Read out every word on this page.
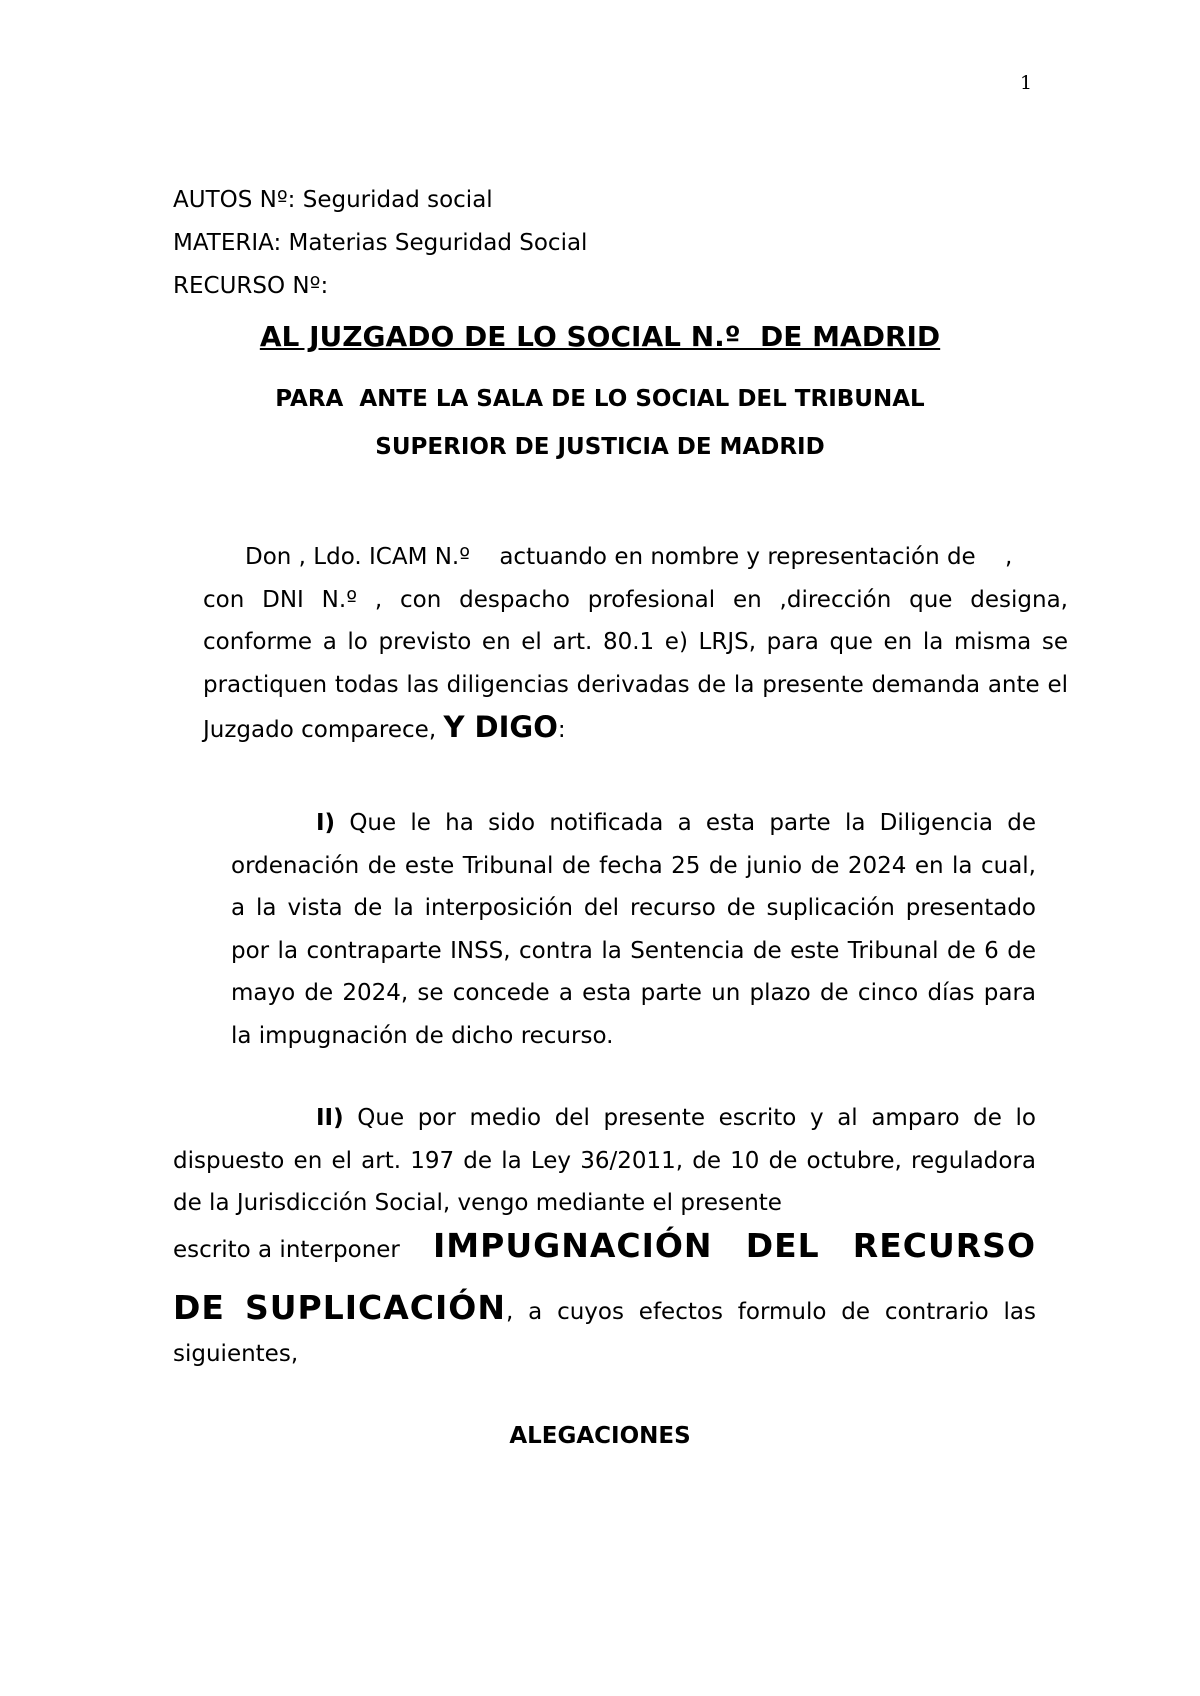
1
AUTOS Nº: Seguridad social
MATERIA: Materias Seguridad Social
RECURSO Nº:
AL JUZGADO DE LO SOCIAL N.º  DE MADRID
PARA  ANTE LA SALA DE LO SOCIAL DEL TRIBUNAL
SUPERIOR DE JUSTICIA DE MADRID
Don , Ldo. ICAM N.º    actuando en nombre y representación de    ,
con DNI N.º , con despacho profesional en ,dirección que designa, conforme a lo previsto en el art. 80.1 e) LRJS, para que en la misma se practiquen todas las diligencias derivadas de la presente demanda ante el Juzgado comparece, Y DIGO:
I) Que le ha sido notificada a esta parte la Diligencia de ordenación de este Tribunal de fecha 25 de junio de 2024 en la cual, a la vista de la interposición del recurso de suplicación presentado por la contraparte INSS, contra la Sentencia de este Tribunal de 6 de mayo de 2024, se concede a esta parte un plazo de cinco días para la impugnación de dicho recurso.
II) Que por medio del presente escrito y al amparo de lo dispuesto en el art. 197 de la Ley 36/2011, de 10 de octubre, reguladora de la Jurisdicción Social, vengo mediante el presente
escrito a interponer IMPUGNACIÓN DEL RECURSO
DE SUPLICACIÓN, a cuyos efectos formulo de contrario las siguientes,
ALEGACIONES
